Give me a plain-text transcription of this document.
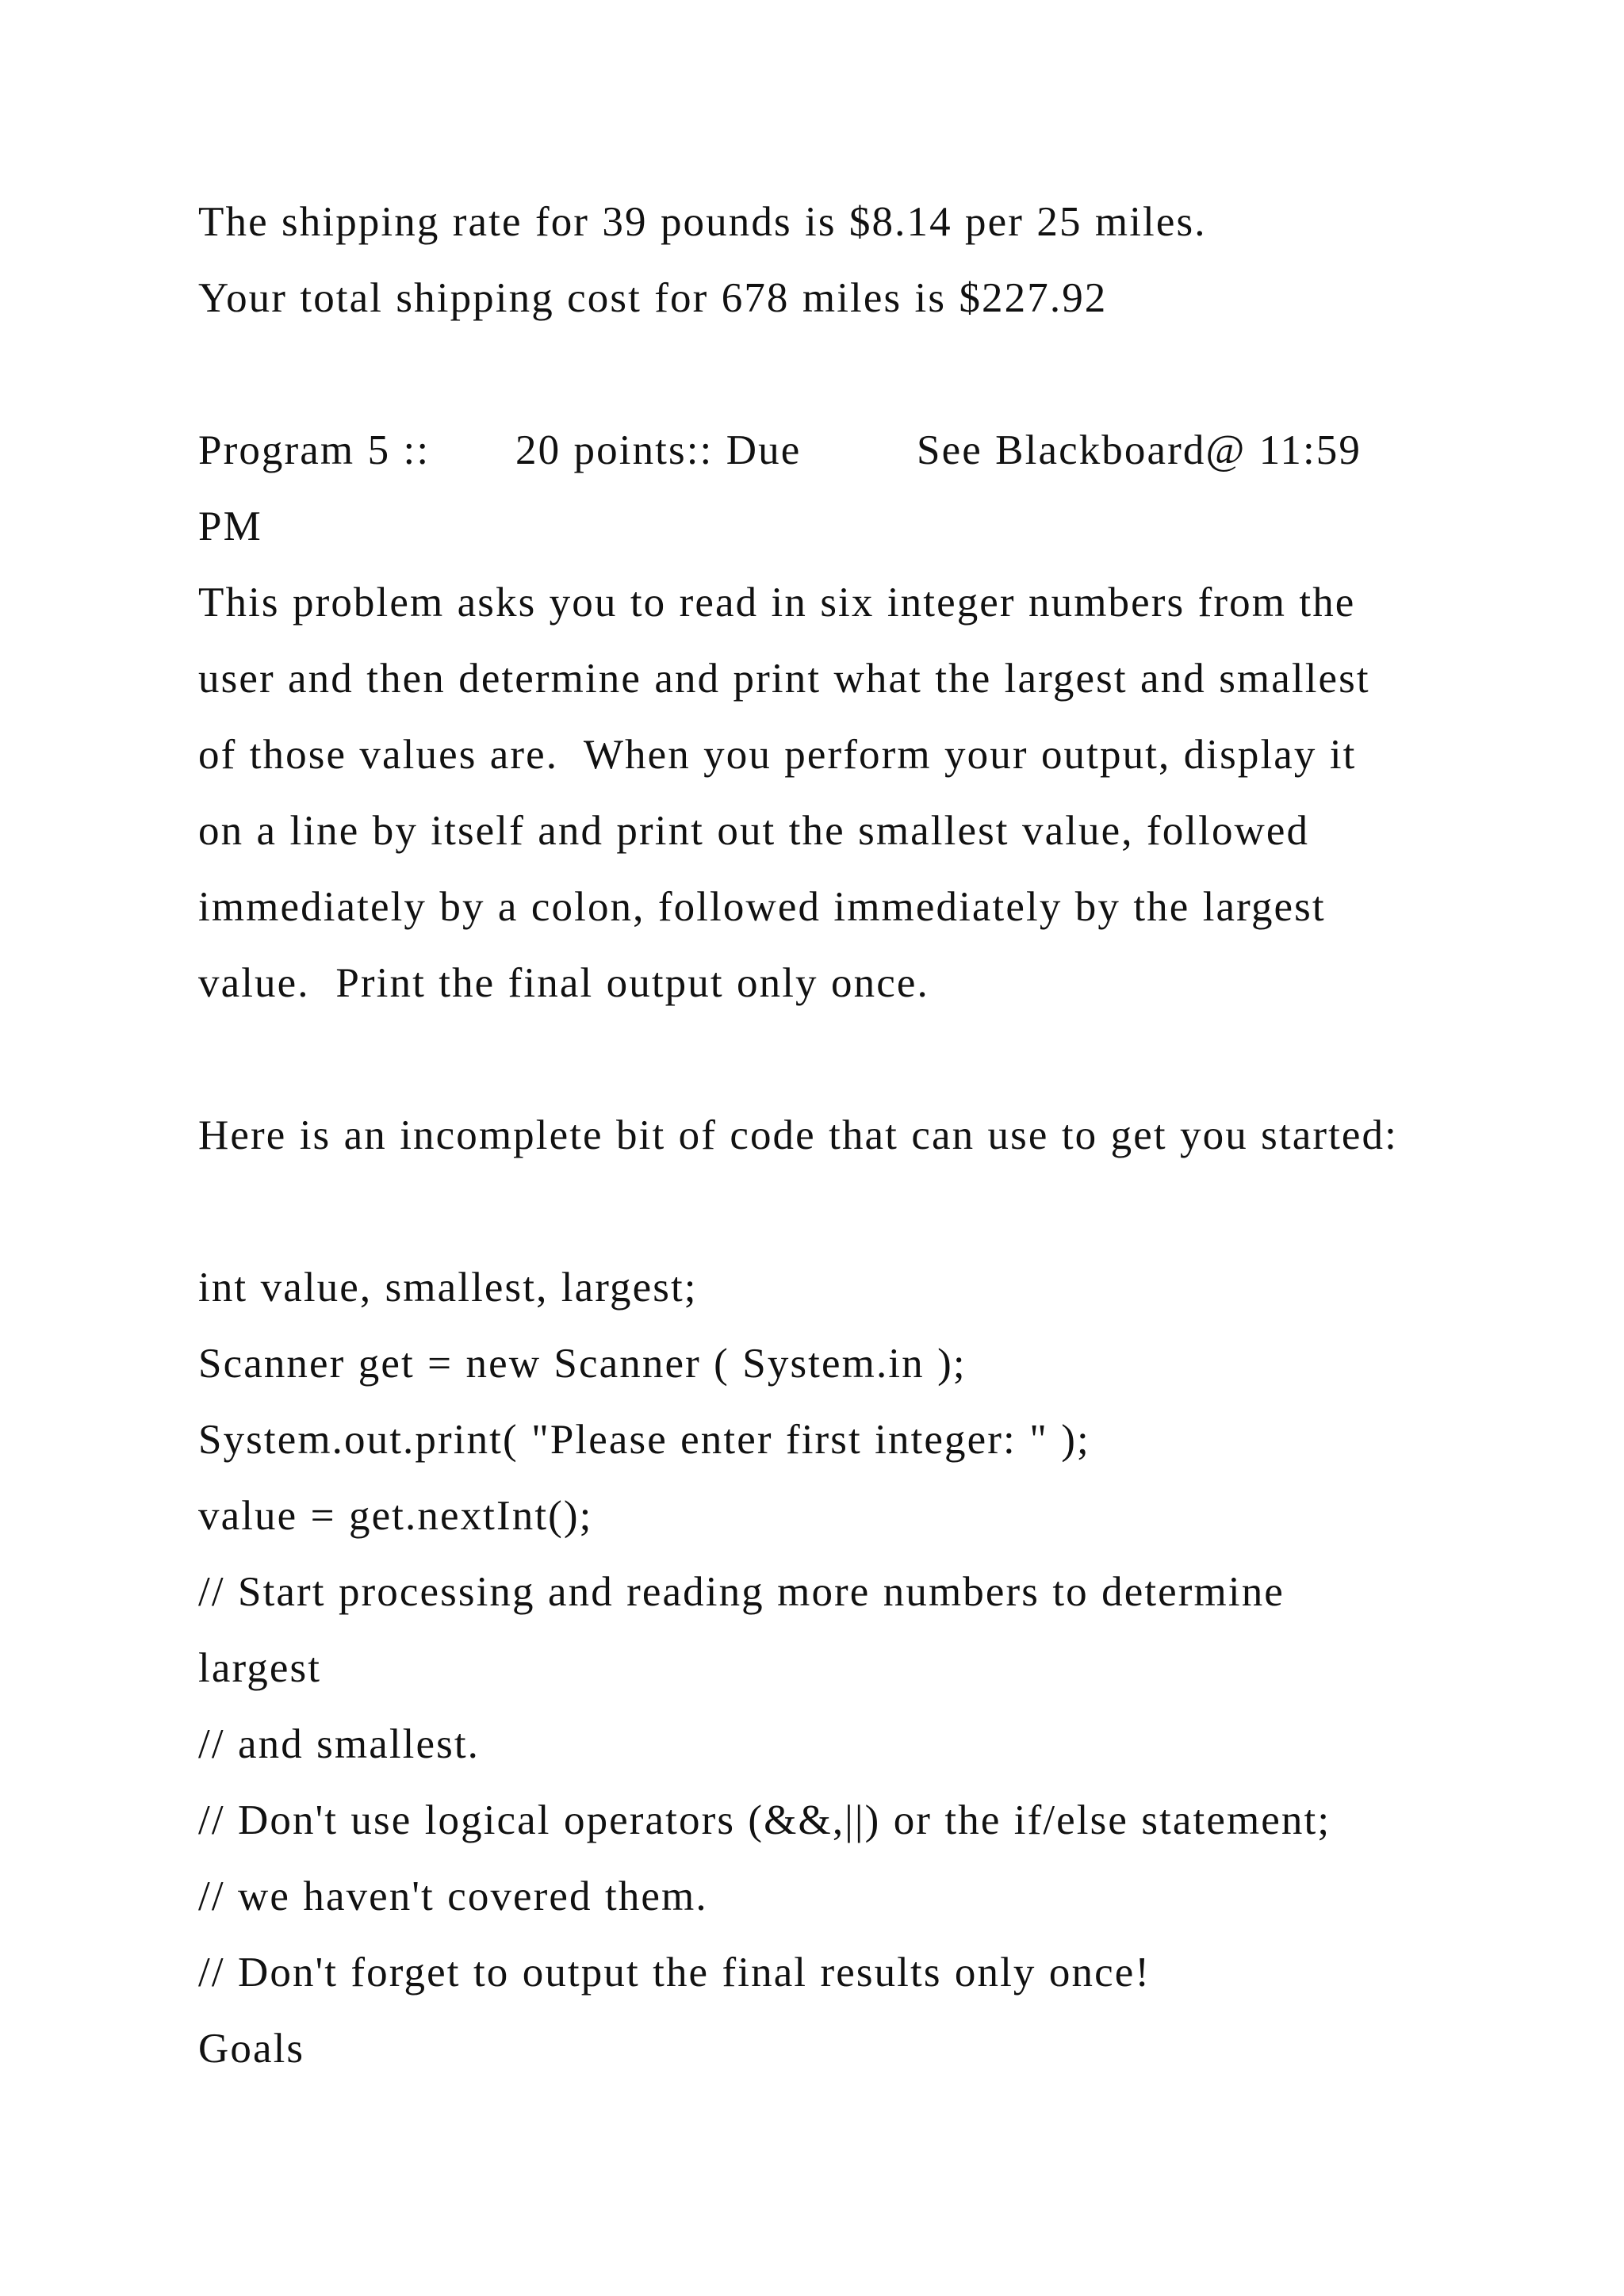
The shipping rate for 39 pounds is $8.14 per 25 miles.
Your total shipping cost for 678 miles is $227.92
Program 5 :: 20 points:: Due	See Blackboard@ 11:59
PM
This problem asks you to read in six integer numbers from the
user and then determine and print what the largest and smallest
of those values are.  When you perform your output, display it
on a line by itself and print out the smallest value, followed
immediately by a colon, followed immediately by the largest
value.  Print the final output only once.
Here is an incomplete bit of code that can use to get you started:
int value, smallest, largest;
Scanner get = new Scanner ( System.in );
System.out.print( "Please enter first integer: " );
value = get.nextInt();
// Start processing and reading more numbers to determine
largest
// and smallest.
// Don't use logical operators (&&,||) or the if/else statement;
// we haven't covered them.
// Don't forget to output the final results only once!
Goals
